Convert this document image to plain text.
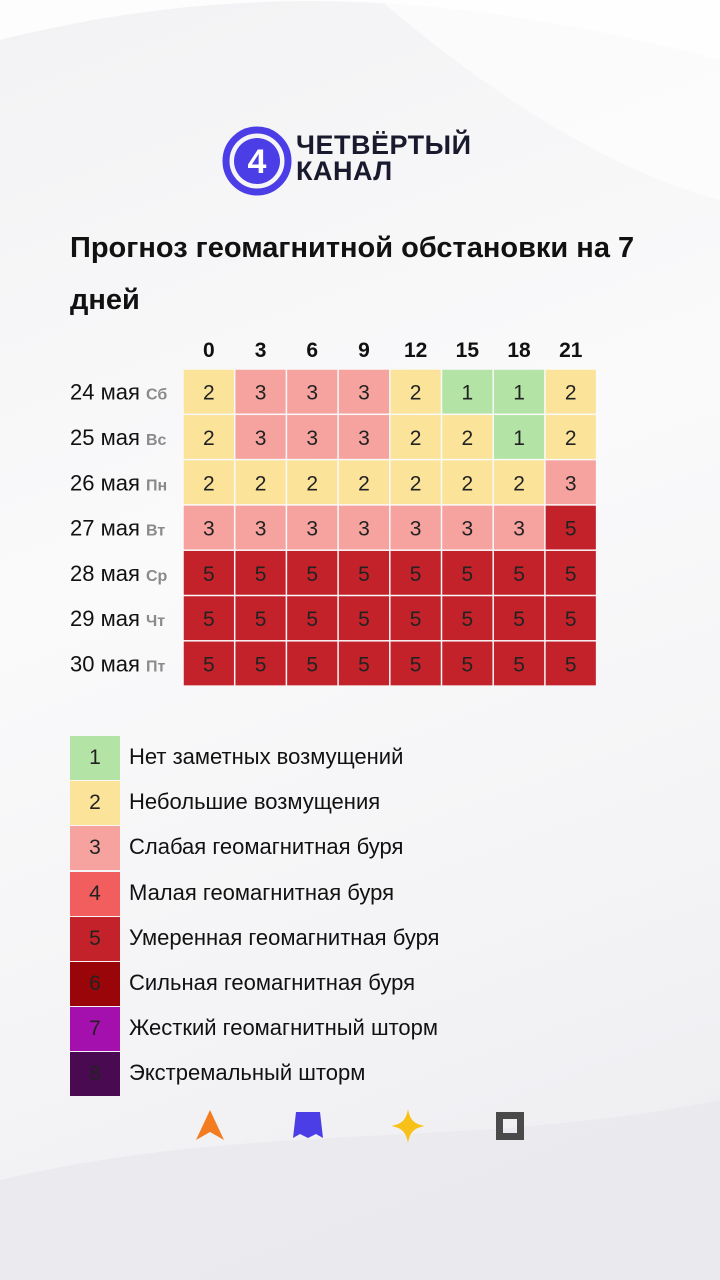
4 ЧЕТВЁРТЫЙ
КАНАЛ
Прогноз геомагнитной обстановки на 7 дней
0 3 6 9 12 15 18 21
24 мая Сб 2 3 3 3 2 1 1 2
25 мая Вс 2 3 3 3 2 2 1 2
26 мая Пн 2 2 2 2 2 2 2 3
27 мая Вт 3 3 3 3 3 3 3 5
28 мая Ср 5 5 5 5 5 5 5 5
29 мая Чт 5 5 5 5 5 5 5 5
30 мая Пт 5 5 5 5 5 5 5 5
1	Нет заметных возмущений
2	Небольшие возмущения
3	Слабая геомагнитная буря
4	Малая геомагнитная буря
5	Умеренная геомагнитная буря
6	Сильная геомагнитная буря
7	Жесткий геомагнитный шторм
8	Экстремальный шторм
